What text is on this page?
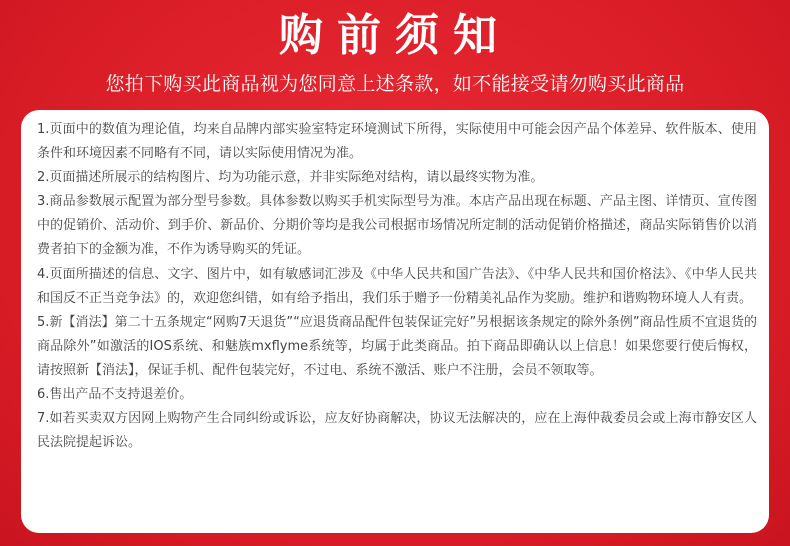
购前须知
您拍下购买此商品视为您同意上述条款，如不能接受请勿购买此商品

1.页面中的数值为理论值，均来自品牌内部实验室特定环境测试下所得，实际使用中可能会因产品个体差异、软件版本、使用条件和环境因素不同略有不同，请以实际使用情况为准。

2.页面描述所展示的结构图片、均为功能示意，并非实际绝对结构，请以最终实物为准。

3.商品参数展示配置为部分型号参数。具体参数以购买手机实际型号为准。本店产品出现在标题、产品主图、详情页、宣传图中的促销价、活动价、到手价、新品价、分期价等均是我公司根据市场情况所定制的活动促销价格描述，商品实际销售价以消费者拍下的金额为准，不作为诱导购买的凭证。

4.页面所描述的信息、文字、图片中，如有敏感词汇涉及《中华人民共和国广告法》、《中华人民共和国价格法》、《中华人民共和国反不正当竞争法》的，欢迎您纠错，如有给予指出，我们乐于赠予一份精美礼品作为奖励。维护和谐购物环境人人有责。

5.新【消法】第二十五条规定“网购7天退货”“应退货商品配件包装保证完好”另根据该条规定的除外条例”商品性质不宜退货的商品除外”如激活的IOS系统、和魅族mxflyme系统等，均属于此类商品。拍下商品即确认以上信息！如果您要行使后悔权，请按照新【消法】，保证手机、配件包装完好，不过电、系统不激活、账户不注册，会员不领取等。

6.售出产品不支持退差价。

7.如若买卖双方因网上购物产生合同纠纷或诉讼，应友好协商解决，协议无法解决的，应在上海仲裁委员会或上海市静安区人民法院提起诉讼。
